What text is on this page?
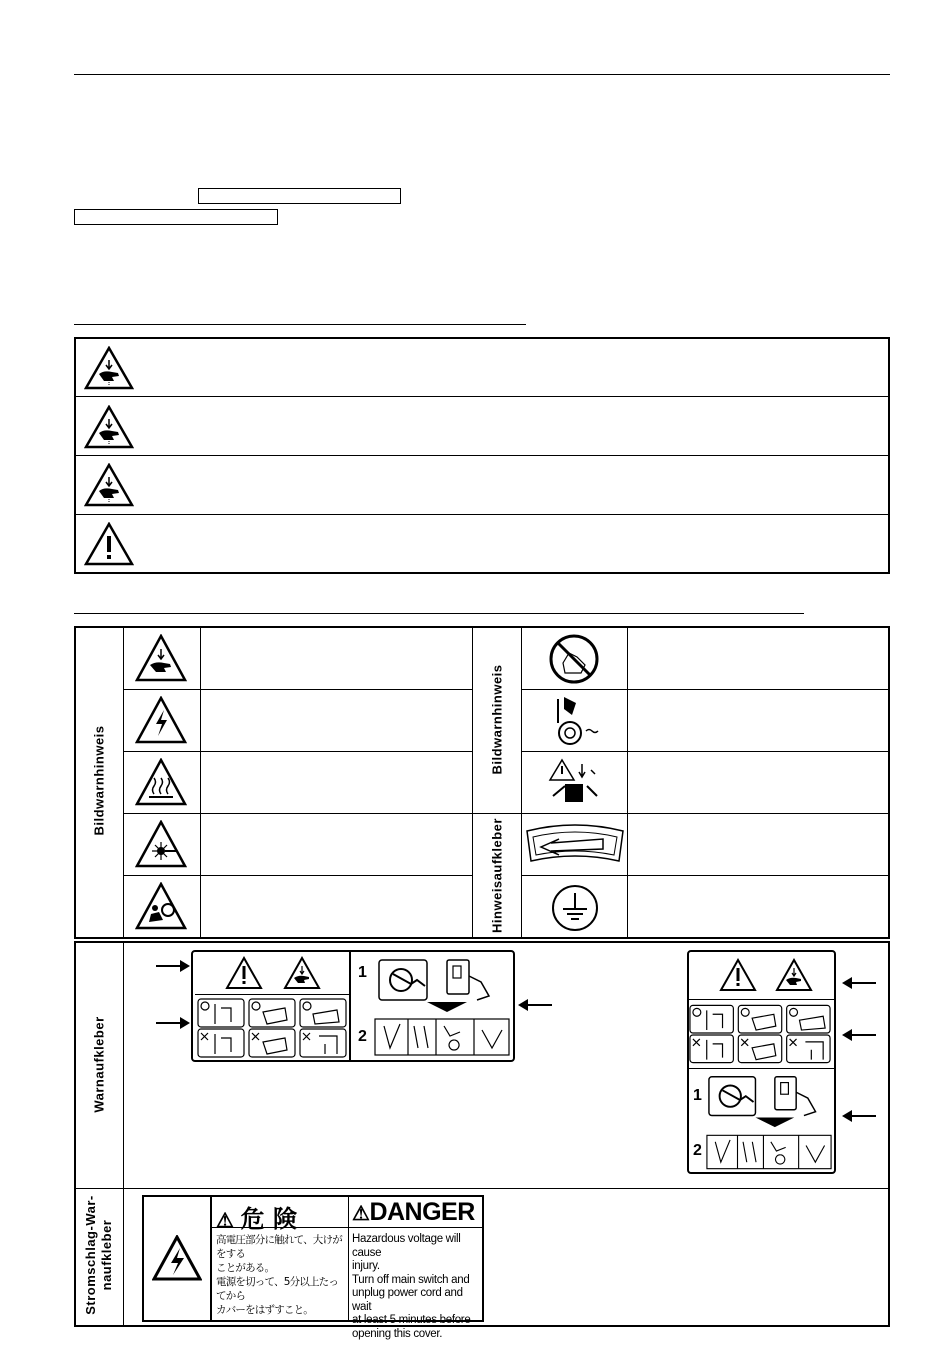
Bildwarnhinweis
Bildwarnhinweis
Hinweisaufkleber
Warnaufkleber
Stromschlag-War- naufkleber
1
2
1
2
⚠ 危 険	⚠DANGER
高電圧部分に触れて、大けがをする
ことがある。
電源を切って、5分以上たってから
カバーをはずすこと。
Hazardous voltage will cause
injury.
Turn off main switch and
unplug power cord and wait
at least 5 minutes before
opening this cover.
